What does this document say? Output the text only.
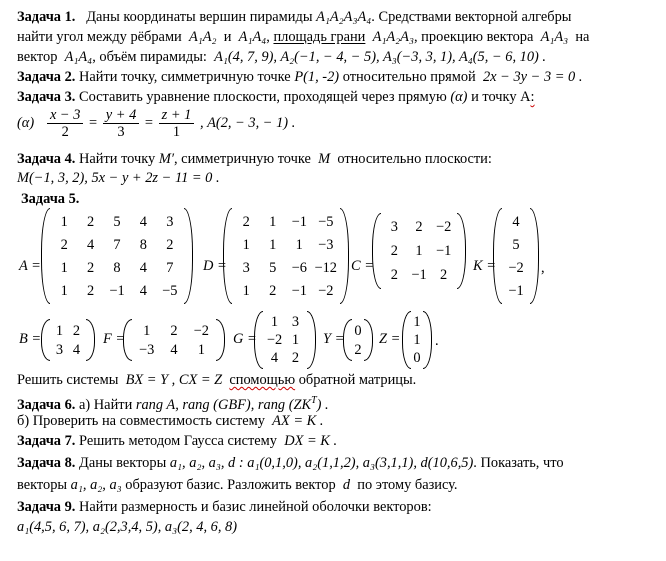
Задача 1. Даны координаты вершин пирамиды A₁A₂A₃A₄. Средствами векторной алгебры
найти угол между рёбрами A₁A₂ и A₁A₄, площадь грани A₁A₂A₃, проекцию вектора A₁A₃ на
вектор A₁A₄, объём пирамиды: A₁(4, 7, 9), A₂(−1, − 4, − 5), A₃(−3, 3, 1), A₄(5, − 6, 10) .
Задача 2. Найти точку, симметричную точке P(1, -2) относительно прямой 2x − 3y − 3 = 0 .
Задача 3. Составить уравнение плоскости, проходящей через прямую (α) и точку А:
$(\alpha) \frac{x - 3}{2} = \frac{y + 4}{3} = \frac{z + 1}{1}$ , A(2, − 3, − 1) .
Задача 4. Найти точку M′, симметричную точке M относительно плоскости:
M(−1, 3, 2), 5x − y + 2z − 11 = 0 .
Задача 5.
A =
1 2 5 4 3
2 4 7 8 2
1 2 8 4 7
1 2 −1 4 −5
D =
2 1 −1 −5
1 1 1 −3
3 5 −6 −12
1 2 −1 −2
C =
3 2 −2
2 1 −1
2 −1 2
K =
4
5
−2
−1
,
B =
1 2
3 4
F =
1 2 −2
−3 4 1
G =
1 3
−2 1
4 2
Y =
0
2
Z =
1
1
0
.
Решить системы BX = Y , CX = Z спомощью обратной матрицы.
Задача 6. а) Найти rang A, rang (GBF), rang $(ZK^T)$ .
б) Проверить на совместимость систему AX = K .
Задача 7. Решить методом Гаусса систему DX = K .
Задача 8. Даны векторы a₁, a₂, a₃, d : a₁(0,1,0), a₂(1,1,2), a₃(3,1,1), d(10,6,5). Показать, что
векторы a₁, a₂, a₃ образуют базис. Разложить вектор d по этому базису.
Задача 9. Найти размерность и базис линейной оболочки векторов:
a₁(4,5, 6, 7), a₂(2,3,4, 5), a₃(2, 4, 6, 8)
